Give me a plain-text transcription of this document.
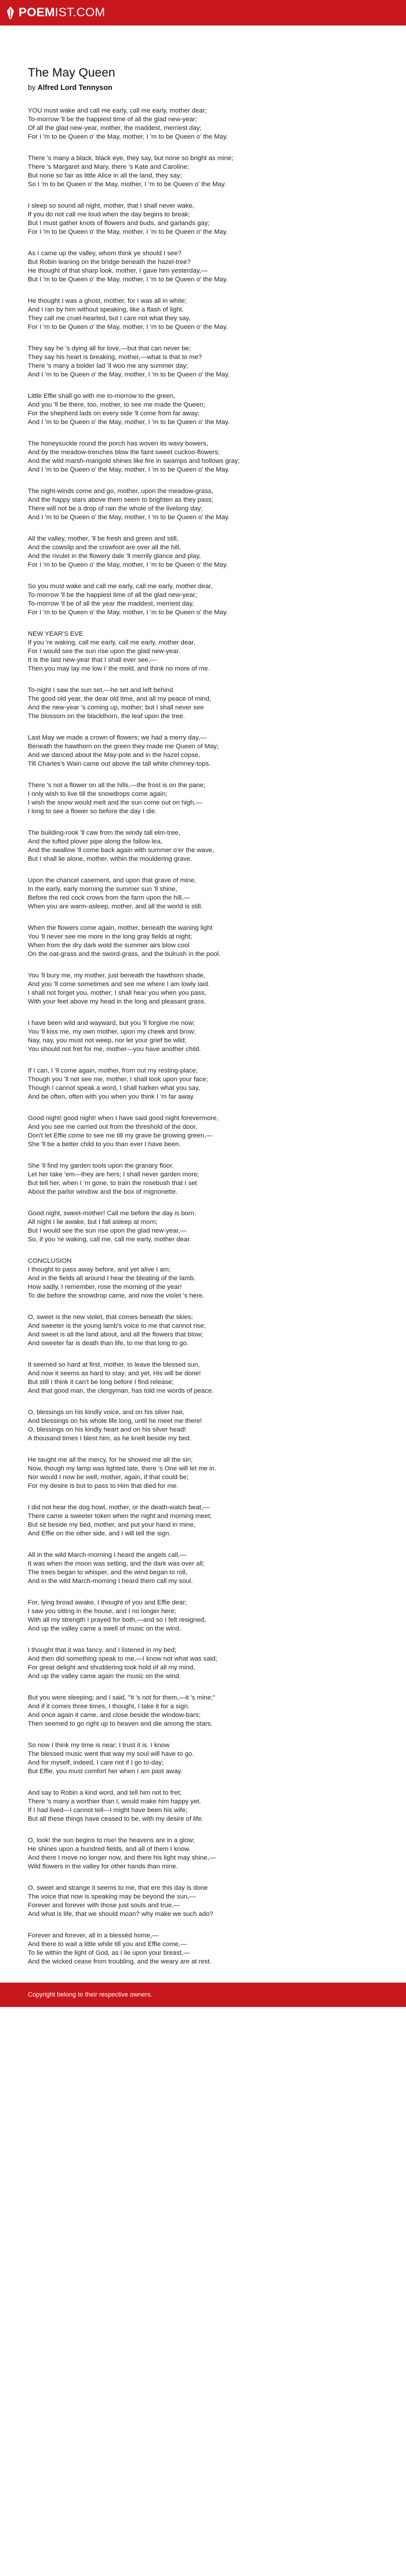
POEM IST.COM
The May Queen
by Alfred Lord Tennyson
YOU must wake and call me early, call me early, mother dear;
To-morrow 'll be the happiest time of all the glad new-year;
Of all the glad new-year, mother, the maddest, merriest day;
For I 'm to be Queen o' the May, mother, I 'm to be Queen o' the May.
There 's many a black, black eye, they say, but none so bright as mine;
There 's Margaret and Mary, there 's Kate and Caroline;
But none so fair as little Alice in all the land, they say;
So I 'm to be Queen o' the May, mother, I 'm to be Queen o' the May.
I sleep so sound all night, mother, that I shall never wake,
If you do not call me loud when the day begins to break;
But I must gather knots of flowers and buds, and garlands gay;
For I 'm to be Queen o' the May, mother, I 'm to be Queen o' the May.
As I came up the valley, whom think ye should I see?
But Robin leaning on the bridge beneath the hazel-tree?
He thought of that sharp look, mother, I gave him yesterday,—
But I 'm to be Queen o' the May, mother, I 'm to be Queen o' the May.
He thought I was a ghost, mother, for I was all in white;
And I ran by him without speaking, like a flash of light.
They call me cruel-hearted, but I care not what they say,
For I 'm to be Queen o' the May, mother, I 'm to be Queen o' the May.
They say he 's dying all for love,—but that can never be;
They say his heart is breaking, mother,—what is that to me?
There 's many a bolder lad 'll woo me any summer day;
And I 'm to be Queen o' the May, mother, I 'm to be Queen o' the May.
Little Effie shall go with me to-morrow to the green,
And you 'll be there, too, mother, to see me made the Queen;
For the shepherd lads on every side 'll come from far away;
And I 'm to be Queen o' the May, mother, I 'm to be Queen o' the May.
The honeysuckle round the porch has woven its wavy bowers,
And by the meadow-trenches blow the faint sweet cuckoo-flowers;
And the wild marsh-marigold shines like fire in swamps and hollows gray;
And I 'm to be Queen o' the May, mother, I 'm to be Queen o' the May.
The night-winds come and go, mother, upon the meadow-grass,
And the happy stars above them seem to brighten as they pass;
There will not be a drop of rain the whole of the livelong day;
And I 'm to be Queen o' the May, mother, I 'm to be Queen o' the May.
All the valley, mother, 'll be fresh and green and still,
And the cowslip and the crowfoot are over all the hill,
And the rivulet in the flowery dale 'll merrily glance and play,
For I 'm to be Queen o' the May, mother, I 'm to be Queen o' the May.
So you must wake and call me early, call me early, mother dear,
To-morrow 'll be the happiest time of all the glad new-year;
To-morrow 'll be of all the year the maddest, merriest day,
For I 'm to be Queen o' the May, mother, I 'm to be Queen o' the May.
NEW YEAR'S EVE
If you 're waking, call me early, call me early, mother dear,
For I would see the sun rise upon the glad new-year.
It is the last new-year that I shall ever see,—
Then you may lay me low i' the mold, and think no more of me.
To-night I saw the sun set,—he set and left behind
The good old year, the dear old time, and all my peace of mind;
And the new-year 's coming up, mother; but I shall never see
The blossom on the blackthorn, the leaf upon the tree.
Last May we made a crown of flowers; we had a merry day,—
Beneath the hawthorn on the green they made me Queen of May;
And we danced about the May-pole and in the hazel copse,
Till Charles's Wain came out above the tall white chimney-tops.
There 's not a flower on all the hills,—the frost is on the pane;
I only wish to live till the snowdrops come again;
I wish the snow would melt and the sun come out on high,—
I long to see a flower so before the day I die.
The building-rook 'll caw from the windy tall elm-tree,
And the tufted plover pipe along the fallow lea,
And the swallow 'll come back again with summer o'er the wave,
But I shall lie alone, mother, within the mouldering grave.
Upon the chancel casement, and upon that grave of mine,
In the early, early morning the summer sun 'll shine,
Before the red cock crows from the farm upon the hill,—
When you are warm-asleep, mother, and all the world is still.
When the flowers come again, mother, beneath the waning light
You 'll never see me more in the long gray fields at night;
When from the dry dark wold the summer airs blow cool
On the oat-grass and the sword-grass, and the bulrush in the pool.
You 'll bury me, my mother, just beneath the hawthorn shade,
And you 'll come sometimes and see me where I am lowly laid.
I shall not forget you, mother; I shall hear you when you pass,
With your feet above my head in the long and pleasant grass.
I have been wild and wayward, but you 'll forgive me now;
You 'll kiss me, my own mother, upon my cheek and brow;
Nay, nay, you must not weep, nor let your grief be wild;
You should not fret for me, mother—you have another child.
If I can, I 'll come again, mother, from out my resting-place;
Though you 'll not see me, mother, I shall look upon your face;
Though I cannot speak a word, I shall harken what you say,
And be often, often with you when you think I 'm far away.
Good night! good night! when I have said good night forevermore,
And you see me carried out from the threshold of the door,
Don't let Effie come to see me till my grave be growing green,—
She 'll be a better child to you than ever I have been.
She 'll find my garden tools upon the granary floor.
Let her take 'em—they are hers; I shall never garden more;
But tell her, when I 'm gone, to train the rosebush that I set
About the parlor window and the box of mignonette.
Good night, sweet-mother! Call me before the day is born.
All night I lie awake, but I fall asleep at morn;
But I would see the sun rise upon the glad new-year,—
So, if you 're waking, call me, call me early, mother dear.
CONCLUSION
I thought to pass away before, and yet alive I am;
And in the fields all around I hear the bleating of the lamb.
How sadly, I remember, rose the morning of the year!
To die before the snowdrop came, and now the violet 's here.
O, sweet is the new violet, that comes beneath the skies;
And sweeter is the young lamb's voice to me that cannot rise;
And sweet is all the land about, and all the flowers that blow;
And sweeter far is death than life, to me that long to go.
It seemed so hard at first, mother, to leave the blessed sun,
And now it seems as hard to stay; and yet, His will be done!
But still I think it can't be long before I find release;
And that good man, the clergyman, has told me words of peace.
O, blessings on his kindly voice, and on his silver hair,
And blessings on his whole life long, until he meet me there!
O, blessings on his kindly heart and on his silver head!
A thousand times I blest him, as he knelt beside my bed.
He taught me all the mercy, for he showed me all the sin;
Now, though my lamp was lighted late, there 's One will let me in.
Nor would I now be well, mother, again, if that could be;
For my desire is but to pass to Him that died for me.
I did not hear the dog howl, mother, or the death-watch beat,—
There came a sweeter token when the night and morning meet;
But sit beside my bed, mother, and put your hand in mine,
And Effie on the other side, and I will tell the sign.
All in the wild March-morning I heard the angels call,—
It was when the moon was setting, and the dark was over all;
The trees began to whisper, and the wind began to roll,
And in the wild March-morning I heard them call my soul.
For, lying broad awake, I thought of you and Effie dear;
I saw you sitting in the house, and I no longer here;
With all my strength I prayed for both,—and so I felt resigned,
And up the valley came a swell of music on the wind.
I thought that it was fancy, and I listened in my bed;
And then did something speak to me,—I know not what was said;
For great delight and shuddering took hold of all my mind,
And up the valley came again the music on the wind.
But you were sleeping; and I said, "It 's not for them,—it 's mine;"
And if it comes three times, I thought, I take it for a sign.
And once again it came, and close beside the window-bars;
Then seemed to go right up to heaven and die among the stars.
So now I think my time is near; I trust it is. I know
The blessed music went that way my soul will have to go.
And for myself, indeed, I care not if I go to-day;
But Effie, you must comfort her when I am past away.
And say to Robin a kind word, and tell him not to fret;
There 's many a worthier than I, would make him happy yet.
If I had lived—I cannot tell—I might have been his wife;
But all these things have ceased to be, with my desire of life.
O, look! the sun begins to rise! the heavens are in a glow;
He shines upon a hundred fields, and all of them I know.
And there I move no longer now, and there his light may shine,—
Wild flowers in the valley for other hands than mine.
O, sweet and strange it seems to me, that ere this day is done
The voice that now is speaking may be beyond the sun,—
Forever and forever with those just souls and true,—
And what is life, that we should moan? why make we such ado?
Forever and forever, all in a blessèd home,—
And there to wait a little while till you and Effie come,—
To lie within the light of God, as I lie upon your breast,—
And the wicked cease from troubling, and the weary are at rest.
Copyright belong to their respective owners.
